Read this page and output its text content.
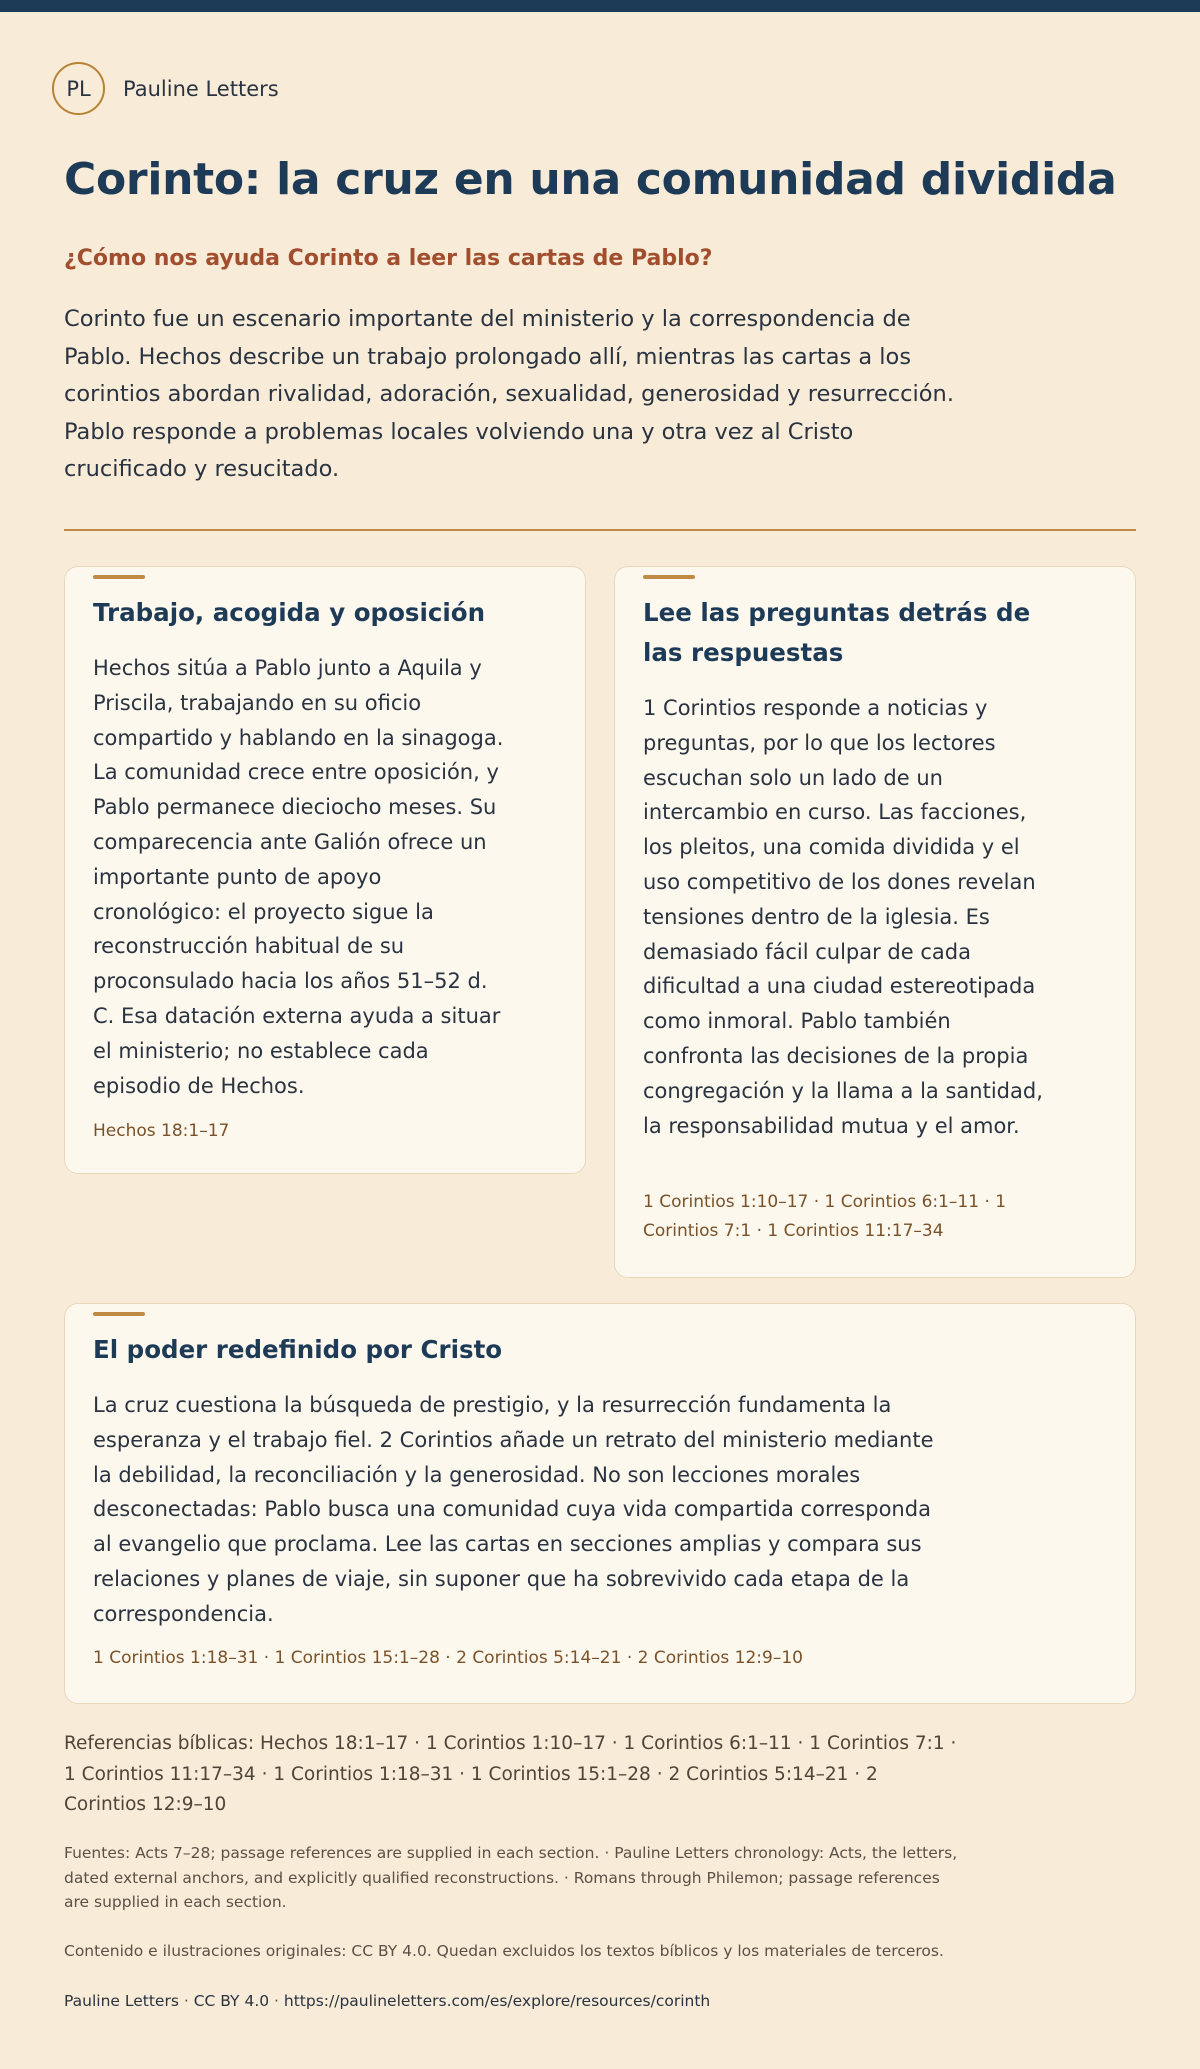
PL	Pauline Letters
Corinto: la cruz en una comunidad dividida
¿Cómo nos ayuda Corinto a leer las cartas de Pablo?

Corinto fue un escenario importante del ministerio y la correspondencia de Pablo. Hechos describe un trabajo prolongado allí, mientras las cartas a los corintios abordan rivalidad, adoración, sexualidad, generosidad y resurrección. Pablo responde a problemas locales volviendo una y otra vez al Cristo crucificado y resucitado.

Trabajo, acogida y oposición

Hechos sitúa a Pablo junto a Aquila y Priscila, trabajando en su oficio compartido y hablando en la sinagoga. La comunidad crece entre oposición, y Pablo permanece dieciocho meses. Su comparecencia ante Galión ofrece un importante punto de apoyo cronológico: el proyecto sigue la reconstrucción habitual de su proconsulado hacia los años 51–52 d. C. Esa datación externa ayuda a situar el ministerio; no establece cada episodio de Hechos.

Hechos 18:1–17

Lee las preguntas detrás de las respuestas

1 Corintios responde a noticias y preguntas, por lo que los lectores escuchan solo un lado de un intercambio en curso. Las facciones, los pleitos, una comida dividida y el uso competitivo de los dones revelan tensiones dentro de la iglesia. Es demasiado fácil culpar de cada dificultad a una ciudad estereotipada como inmoral. Pablo también confronta las decisiones de la propia congregación y la llama a la santidad, la responsabilidad mutua y el amor.

1 Corintios 1:10–17 · 1 Corintios 6:1–11 · 1 Corintios 7:1 · 1 Corintios 11:17–34

El poder redefinido por Cristo

La cruz cuestiona la búsqueda de prestigio, y la resurrección fundamenta la esperanza y el trabajo fiel. 2 Corintios añade un retrato del ministerio mediante la debilidad, la reconciliación y la generosidad. No son lecciones morales desconectadas: Pablo busca una comunidad cuya vida compartida corresponda al evangelio que proclama. Lee las cartas en secciones amplias y compara sus relaciones y planes de viaje, sin suponer que ha sobrevivido cada etapa de la correspondencia.

1 Corintios 1:18–31 · 1 Corintios 15:1–28 · 2 Corintios 5:14–21 · 2 Corintios 12:9–10

Referencias bíblicas: Hechos 18:1–17 · 1 Corintios 1:10–17 · 1 Corintios 6:1–11 · 1 Corintios 7:1 · 1 Corintios 11:17–34 · 1 Corintios 1:18–31 · 1 Corintios 15:1–28 · 2 Corintios 5:14–21 · 2 Corintios 12:9–10

Fuentes: Acts 7–28; passage references are supplied in each section. · Pauline Letters chronology: Acts, the letters, dated external anchors, and explicitly qualified reconstructions. · Romans through Philemon; passage references are supplied in each section.

Contenido e ilustraciones originales: CC BY 4.0. Quedan excluidos los textos bíblicos y los materiales de terceros.

Pauline Letters · CC BY 4.0 · https://paulineletters.com/es/explore/resources/corinth
